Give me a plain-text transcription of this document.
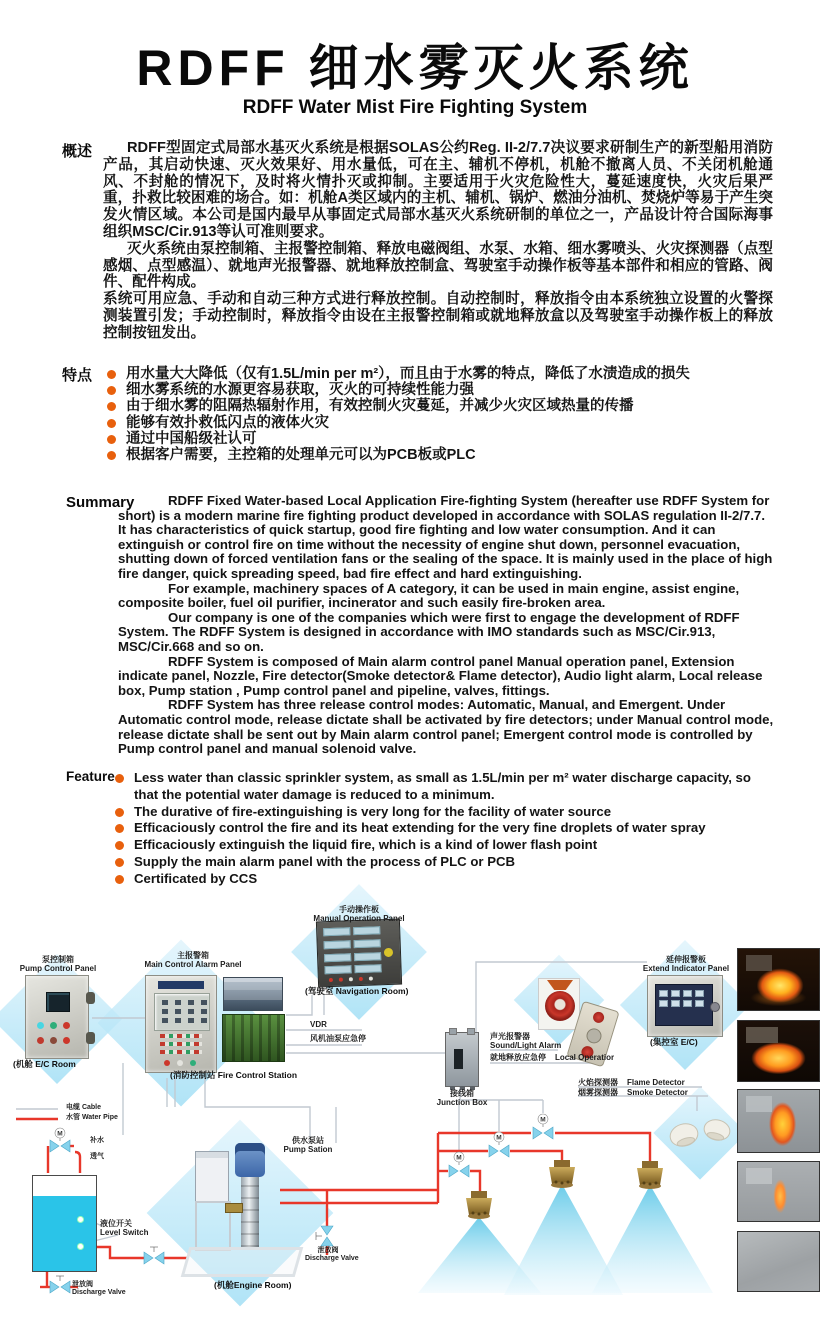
RDFF 细水雾灭火系统
RDFF Water Mist Fire Fighting System
概述	RDFF型固定式局部水基灭火系统是根据SOLAS公约Reg. II-2/7.7决议要求研制生产的新型船用消防产品，其启动快速、灭火效果好、用水量低，可在主、辅机不停机，机舱不撤离人员、不关闭机舱通风、不封舱的情况下，及时将火情扑灭或抑制。主要适用于火灾危险性大，蔓延速度快，火灾后果严重，扑救比较困难的场合。如：机舱A类区域内的主机、辅机、锅炉、燃油分油机、焚烧炉等易于产生突发火情区域。本公司是国内最早从事固定式局部水基灭火系统研制的单位之一，产品设计符合国际海事组织MSC/Cir.913等认可准则要求。

灭火系统由泵控制箱、主报警控制箱、释放电磁阀组、水泵、水箱、细水雾喷头、火灾探测器（点型感烟、点型感温）、就地声光报警器、就地释放控制盒、驾驶室手动操作板等基本部件和相应的管路、阀件、配件构成。

系统可用应急、手动和自动三种方式进行释放控制。自动控制时，释放指令由本系统独立设置的火警探测装置引发；手动控制时，释放指令由设在主报警控制箱或就地释放盒以及驾驶室手动操作板上的释放控制按钮发出。

特点	用水量大大降低（仅有1.5L/min per m²），而且由于水雾的特点，降低了水渍造成的损失
细水雾系统的水源更容易获取，灭火的可持续性能力强
由于细水雾的阻隔热辐射作用，有效控制火灾蔓延，并减少火灾区域热量的传播
能够有效扑救低闪点的液体火灾
通过中国船级社认可
根据客户需要，主控箱的处理单元可以为PCB板或PLC
Summary	RDFF Fixed Water-based Local Application Fire-fighting System (hereafter use RDFF System for short) is a modern marine fire fighting product developed in accordance with SOLAS regulation II-2/7.7. It has characteristics of quick startup, good fire fighting and low water consumption. And it can extinguish or control fire on time without the necessity of engine shut down, personnel evacuation, shutting down of forced ventilation fans or the sealing of the space. It is mainly used in the place of high fire danger, quick spreading speed, bad fire effect and hard extinguishing.

For example, machinery spaces of A category, it can be used in main engine, assist engine, composite boiler, fuel oil purifier, incinerator and such easily fire-broken area.

Our company is one of the companies which were first to engage the development of RDFF System. The RDFF System is designed in accordance with IMO standards such as MSC/Cir.913, MSC/Cir.668 and so on.

RDFF System is composed of Main alarm control panel Manual operation panel, Extension indicate panel, Nozzle, Fire detector(Smoke detector& Flame detector), Audio light alarm, Local release box, Pump station , Pump control panel and pipeline, valves, fittings.

RDFF System has three release control modes: Automatic, Manual, and Emergent. Under Automatic control mode, release dictate shall be activated by fire detectors; under Manual control mode, release dictate shall be sent out by Main alarm control panel; Emergent control mode is controlled by Pump control panel and manual solenoid valve.

Feature	Less water than classic sprinkler system, as small as 1.5L/min per m² water discharge capacity, so that the potential water damage is reduced to a minimum.
The durative of fire-extinguishing is very long for the facility of water source
Efficaciously control the fire and its heat extending for the very fine droplets of water spray
Efficaciously extinguish the liquid fire, which is a kind of lower flash point
Supply the main alarm panel with the process of PLC or PCB
Certificated by CCS
M
M
M
M
电缆 Cable
水管 Water Pipe
泵控制箱
Pump Control Panel
(机舱 E/C Room
主报警箱
Main Control Alarm Panel
(消防控制站 Fire Control Station
手动操作板
Manual Operation Panel
(驾驶室 Navigation Room)
延伸报警板
Extend Indicator Panel
(集控室 E/C)
VDR
风机油泵应急停
接线箱
Junction Box
声光报警器
Sound/Light Alarm
就地释放应急停 Local Operatior
火焰探测器 Flame Detector
烟雾探测器 Smoke Detector
供水泵站
Pump Sation
(机舱Engine Room)
液位开关
Level Switch
泄放阀
Discharge Valve
泄放阀
Discharge Valve
补水
透气
